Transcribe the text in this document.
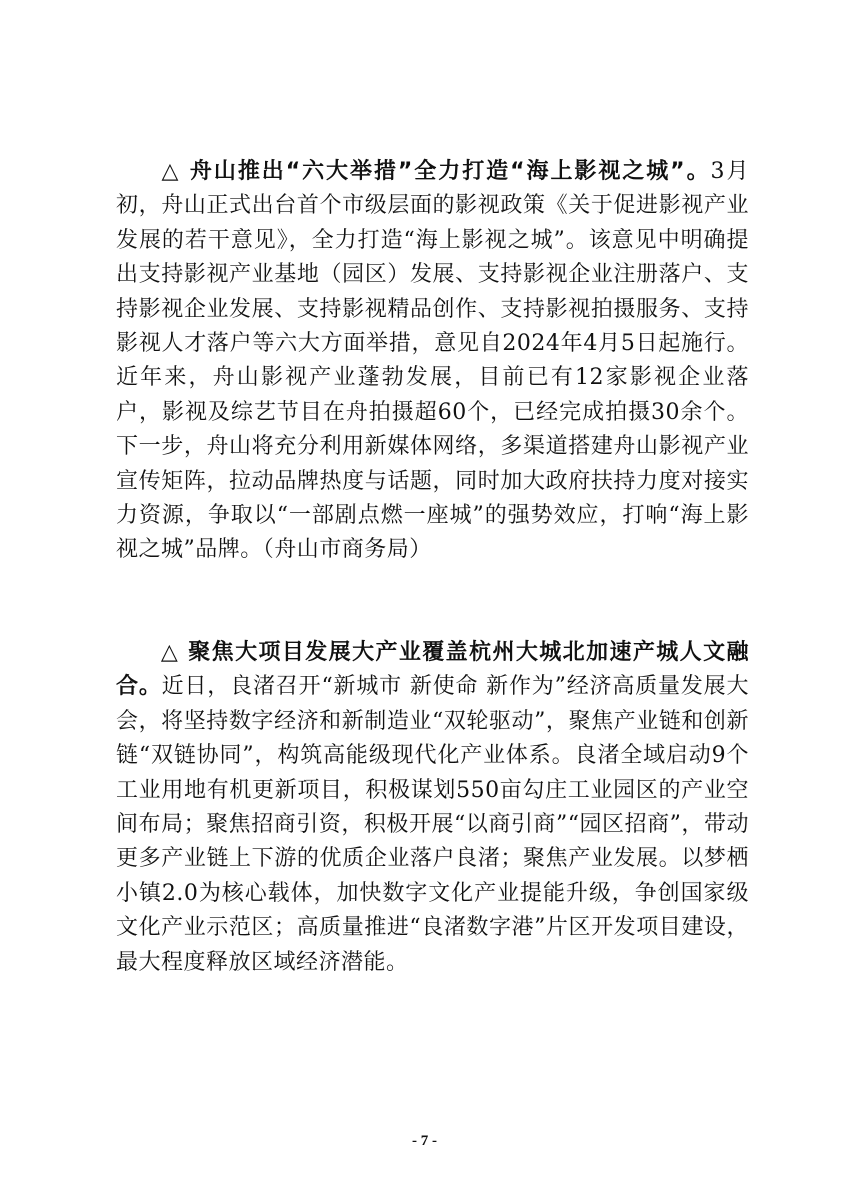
△ 舟山推出“六大举措”全力打造“海上影视之城”。3月初，舟山正式出台首个市级层面的影视政策《关于促进影视产业发展的若干意见》，全力打造“海上影视之城”。该意见中明确提出支持影视产业基地（园区）发展、支持影视企业注册落户、支持影视企业发展、支持影视精品创作、支持影视拍摄服务、支持影视人才落户等六大方面举措，意见自2024年4月5日起施行。近年来，舟山影视产业蓬勃发展，目前已有12家影视企业落户，影视及综艺节目在舟拍摄超60个，已经完成拍摄30余个。下一步，舟山将充分利用新媒体网络，多渠道搭建舟山影视产业宣传矩阵，拉动品牌热度与话题，同时加大政府扶持力度对接实力资源，争取以“一部剧点燃一座城”的强势效应，打响“海上影视之城”品牌。（舟山市商务局）

△ 聚焦大项目发展大产业覆盖杭州大城北加速产城人文融合。近日，良渚召开“新城市 新使命 新作为”经济高质量发展大会，将坚持数字经济和新制造业“双轮驱动”，聚焦产业链和创新链“双链协同”，构筑高能级现代化产业体系。良渚全域启动9个工业用地有机更新项目，积极谋划550亩勾庄工业园区的产业空间布局；聚焦招商引资，积极开展“以商引商”“园区招商”，带动更多产业链上下游的优质企业落户良渚；聚焦产业发展。以梦栖小镇2.0为核心载体，加快数字文化产业提能升级，争创国家级文化产业示范区；高质量推进“良渚数字港”片区开发项目建设，最大程度释放区域经济潜能。

- 7 -
